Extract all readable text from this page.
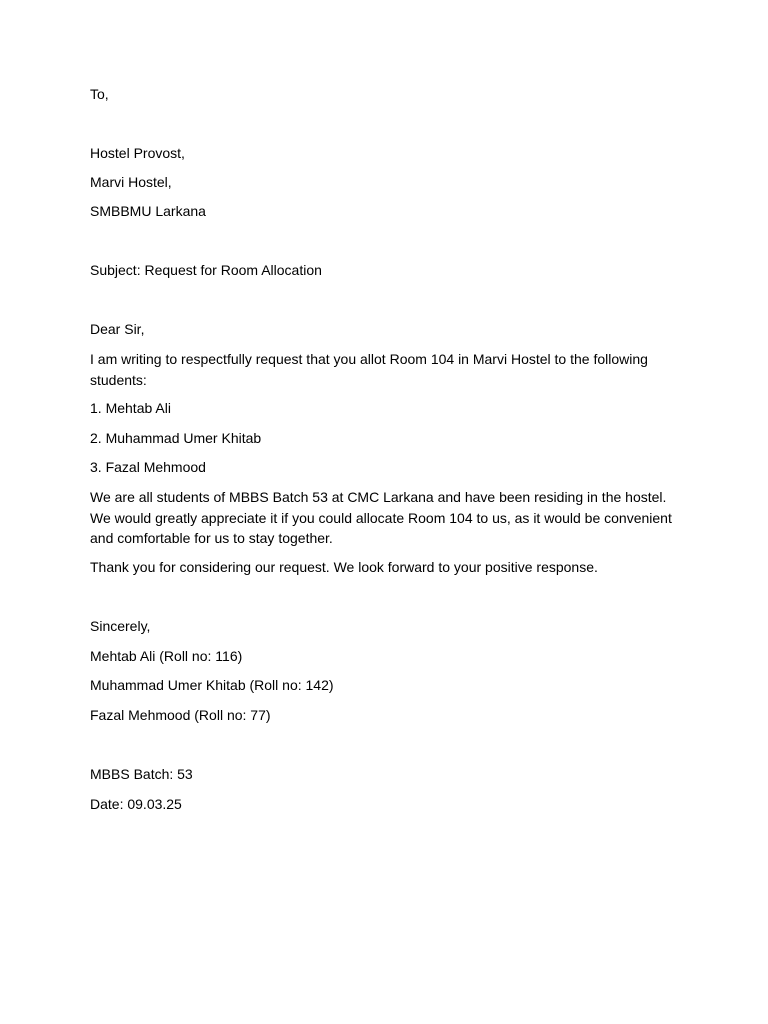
To,
Hostel Provost,
Marvi Hostel,
SMBBMU Larkana
Subject: Request for Room Allocation
Dear Sir,
I am writing to respectfully request that you allot Room 104 in Marvi Hostel to the following students:
1. Mehtab Ali
2. Muhammad Umer Khitab
3. Fazal Mehmood
We are all students of MBBS Batch 53 at CMC Larkana and have been residing in the hostel. We would greatly appreciate it if you could allocate Room 104 to us, as it would be convenient and comfortable for us to stay together.
Thank you for considering our request. We look forward to your positive response.
Sincerely,
Mehtab Ali (Roll no: 116)
Muhammad Umer Khitab (Roll no: 142)
Fazal Mehmood (Roll no: 77)
MBBS Batch: 53
Date: 09.03.25
